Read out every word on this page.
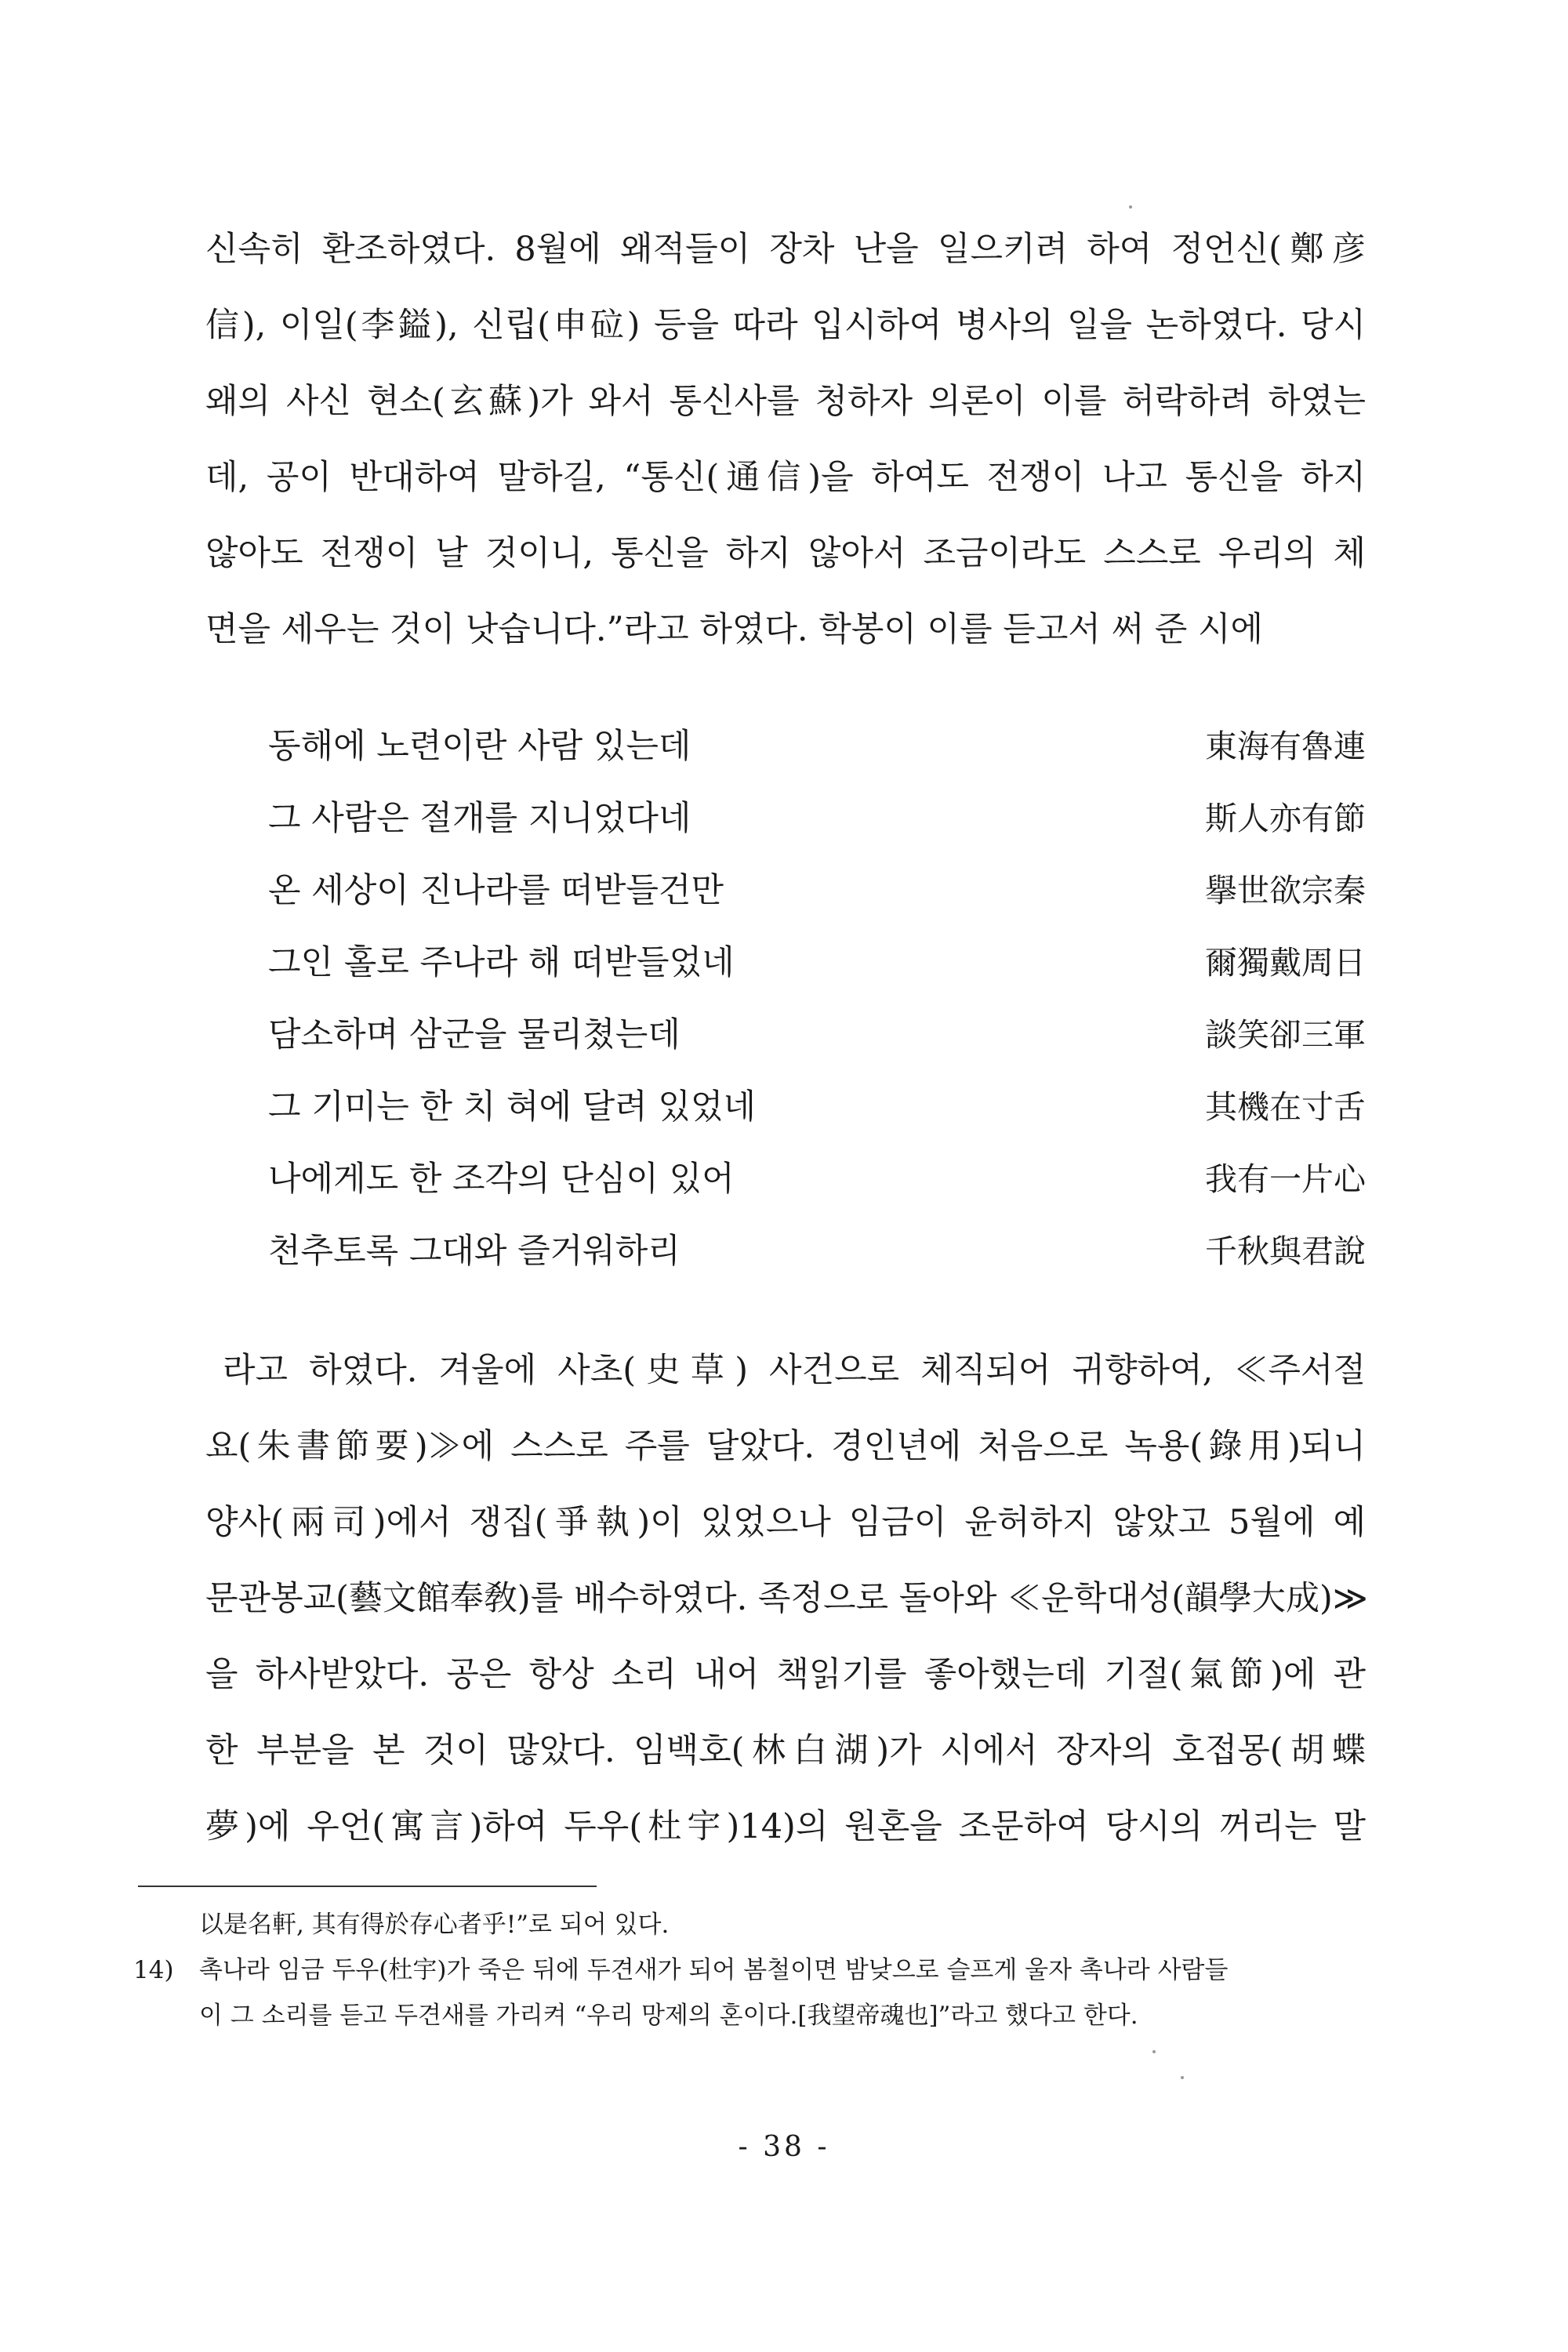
신속히 환조하였다. 8월에 왜적들이 장차 난을 일으키려 하여 정언신(鄭彦
信), 이일(李鎰), 신립(申砬) 등을 따라 입시하여 병사의 일을 논하였다. 당시
왜의 사신 현소(玄蘇)가 와서 통신사를 청하자 의론이 이를 허락하려 하였는
데, 공이 반대하여 말하길, “통신(通信)을 하여도 전쟁이 나고 통신을 하지
않아도 전쟁이 날 것이니, 통신을 하지 않아서 조금이라도 스스로 우리의 체
면을 세우는 것이 낫습니다.”라고 하였다. 학봉이 이를 듣고서 써 준 시에

동해에 노련이란 사람 있는데	東海有魯連
그 사람은 절개를 지니었다네	斯人亦有節
온 세상이 진나라를 떠받들건만	擧世欲宗秦
그인 홀로 주나라 해 떠받들었네	爾獨戴周日
담소하며 삼군을 물리쳤는데	談笑卻三軍
그 기미는 한 치 혀에 달려 있었네	其機在寸舌
나에게도 한 조각의 단심이 있어	我有一片心
천추토록 그대와 즐거워하리	千秋與君說

라고 하였다. 겨울에 사초(史草) 사건으로 체직되어 귀향하여, ≪주서절
요(朱書節要)≫에 스스로 주를 달았다. 경인년에 처음으로 녹용(錄用)되니
양사(兩司)에서 쟁집(爭執)이 있었으나 임금이 윤허하지 않았고 5월에 예
문관봉교(藝文館奉敎)를 배수하였다. 족정으로 돌아와 ≪운학대성(韻學大成)≫
을 하사받았다. 공은 항상 소리 내어 책읽기를 좋아했는데 기절(氣節)에 관
한 부분을 본 것이 많았다. 임백호(林白湖)가 시에서 장자의 호접몽(胡蝶
夢)에 우언(寓言)하여 두우(杜宇)14)의 원혼을 조문하여 당시의 꺼리는 말

以是名軒, 其有得於存心者乎!”로 되어 있다.
14)	촉나라 임금 두우(杜宇)가 죽은 뒤에 두견새가 되어 봄철이면 밤낮으로 슬프게 울자 촉나라 사람들
이 그 소리를 듣고 두견새를 가리켜 “우리 망제의 혼이다.[我望帝魂也]”라고 했다고 한다.
- 38 -
